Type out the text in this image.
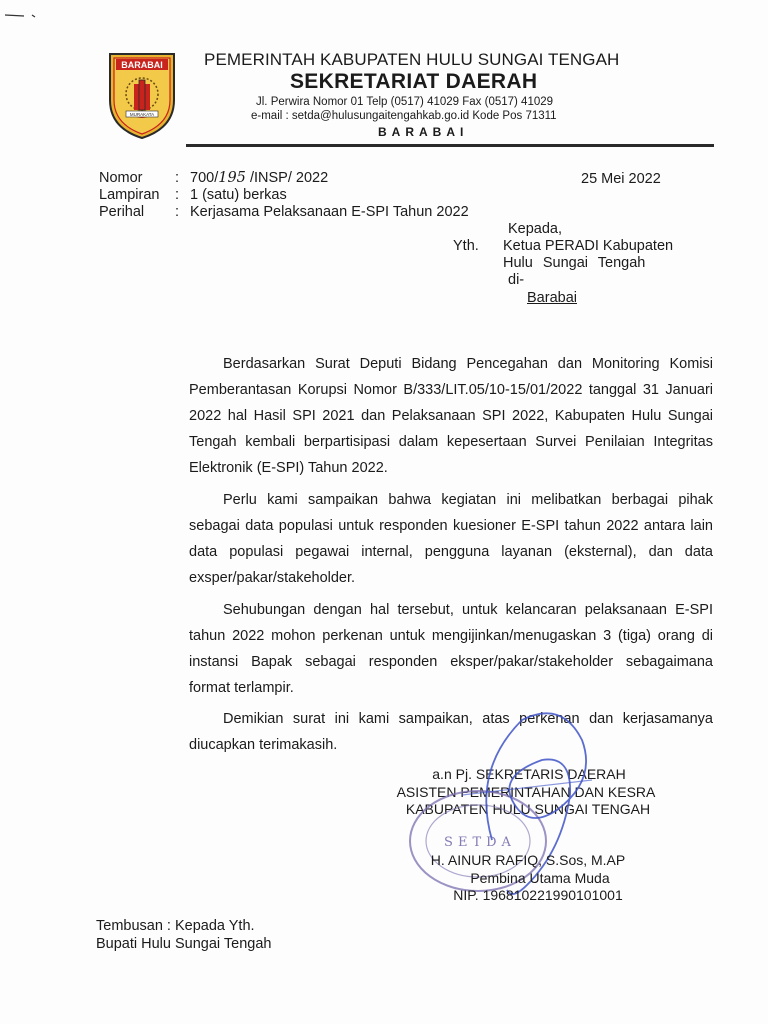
BARABAI
MURAKATA
PEMERINTAH KABUPATEN HULU SUNGAI TENGAH
SEKRETARIAT DAERAH
Jl. Perwira Nomor 01 Telp (0517) 41029 Fax (0517) 41029
e-mail : setda@hulusungaitengahkab.go.id Kode Pos 71311
BARABAI
Nomor : 700/195 /INSP/ 2022
Lampiran : 1 (satu) berkas
Perihal : Kerjasama Pelaksanaan E-SPI Tahun 2022
25 Mei 2022
Kepada,
Yth. Ketua PERADI Kabupaten
Hulu Sungai Tengah
di-
Barabai
Berdasarkan Surat Deputi Bidang Pencegahan dan Monitoring Komisi Pemberantasan Korupsi Nomor B/333/LIT.05/10-15/01/2022 tanggal 31 Januari 2022 hal Hasil SPI 2021 dan Pelaksanaan SPI 2022, Kabupaten Hulu Sungai Tengah kembali berpartisipasi dalam kepesertaan Survei Penilaian Integritas Elektronik (E-SPI) Tahun 2022.
Perlu kami sampaikan bahwa kegiatan ini melibatkan berbagai pihak sebagai data populasi untuk responden kuesioner E-SPI tahun 2022 antara lain data populasi pegawai internal, pengguna layanan (eksternal), dan data exsper/pakar/stakeholder.
Sehubungan dengan hal tersebut, untuk kelancaran pelaksanaan E-SPI tahun 2022 mohon perkenan untuk mengijinkan/menugaskan 3 (tiga) orang di instansi Bapak sebagai responden eksper/pakar/stakeholder sebagaimana format terlampir.
Demikian surat ini kami sampaikan, atas perkenan dan kerjasamanya diucapkan terimakasih.
a.n Pj. SEKRETARIS DAERAH
ASISTEN PEMERINTAHAN DAN KESRA
KABUPATEN HULU SUNGAI TENGAH
SETDA
H. AINUR RAFIQ, S.Sos, M.AP
Pembina Utama Muda
NIP. 196810221990101001
Tembusan : Kepada Yth.
Bupati Hulu Sungai Tengah
